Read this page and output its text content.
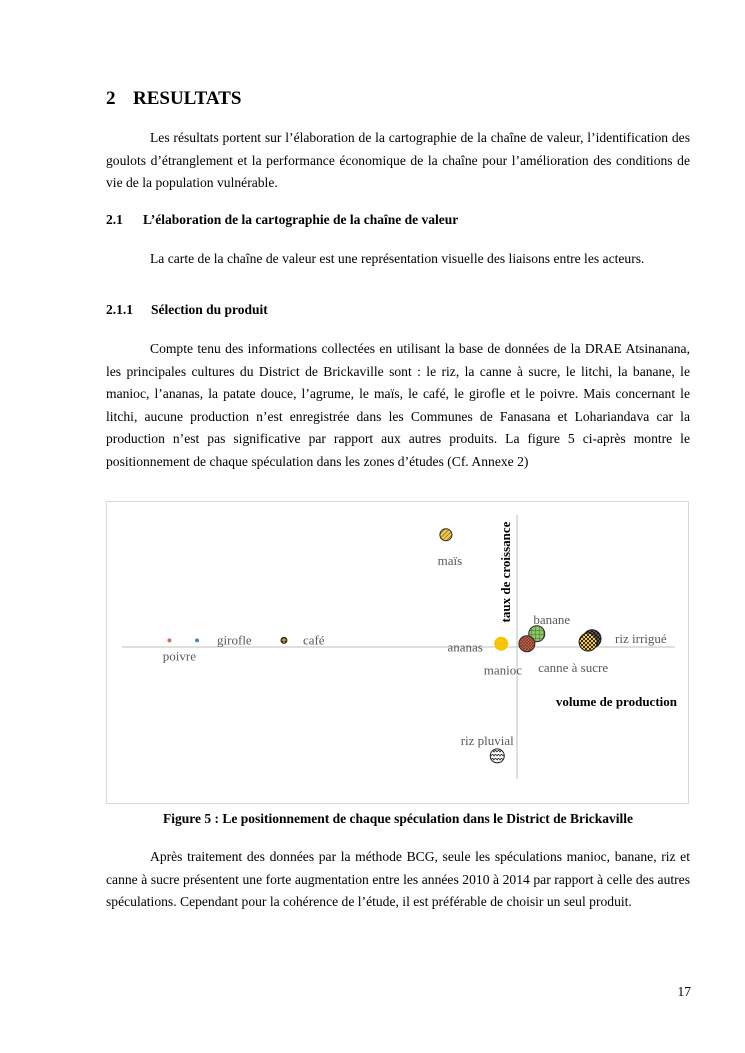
2 RESULTATS

Les résultats portent sur l’élaboration de la cartographie de la chaîne de valeur, l’identification des goulots d’étranglement et la performance économique de la chaîne pour l’amélioration des conditions de vie de la population vulnérable.

2.1 L’élaboration de la cartographie de la chaîne de valeur

La carte de la chaîne de valeur est une représentation visuelle des liaisons entre les acteurs.

2.1.1 Sélection du produit

Compte tenu des informations collectées en utilisant la base de données de la DRAE Atsinanana, les principales cultures du District de Brickaville sont : le riz, la canne à sucre, le litchi, la banane, le manioc, l’ananas, la patate douce, l’agrume, le maïs, le café, le girofle et le poivre. Mais concernant le litchi, aucune production n’est enregistrée dans les Communes de Fanasana et Lohariandava car la production n’est pas significative par rapport aux autres produits. La figure 5 ci-après montre le positionnement de chaque spéculation dans les zones d’études (Cf. Annexe 2)

volume de production
taux de croissance
maïs
banane
riz irrigué
ananas
manioc canne à sucre
riz pluvial
café
girofle
poivre

Figure 5 : Le positionnement de chaque spéculation dans le District de Brickaville

Après traitement des données par la méthode BCG, seule les spéculations manioc, banane, riz et canne à sucre présentent une forte augmentation entre les années 2010 à 2014 par rapport à celle des autres spéculations. Cependant pour la cohérence de l’étude, il est préférable de choisir un seul produit.

17
